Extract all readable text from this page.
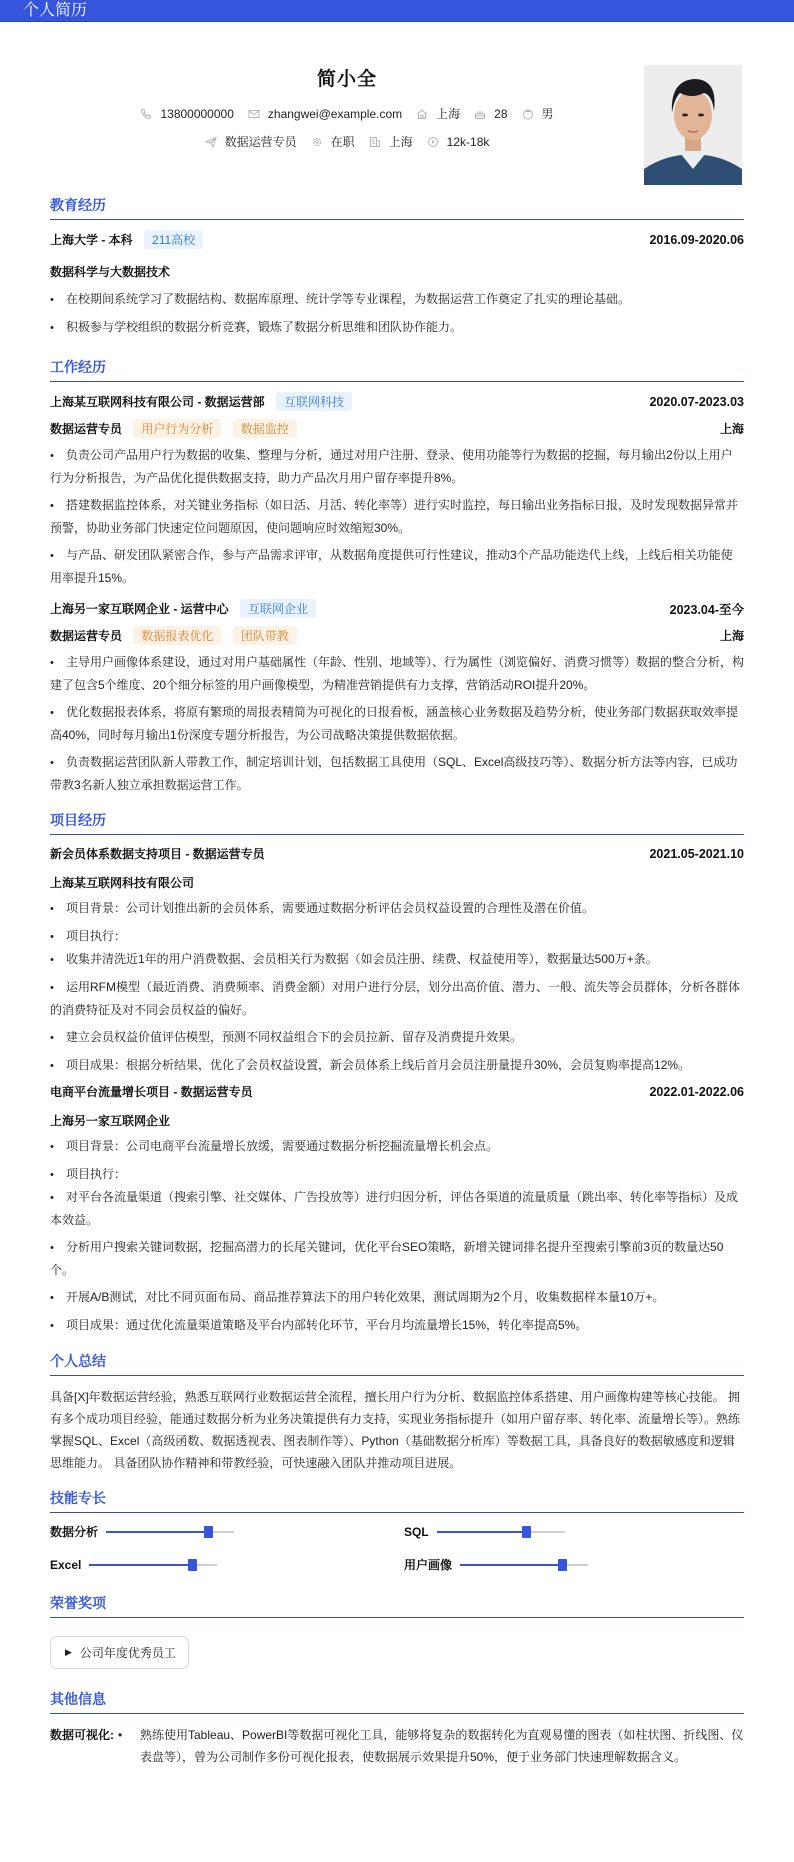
个人简历
简小全
13800000000	zhangwei@example.com	上海	28	男
数据运营专员	在职	上海	12k-18k
教育经历
上海大学 - 本科 211高校	2016.09-2020.06
数据科学与大数据技术
• 在校期间系统学习了数据结构、数据库原理、统计学等专业课程，为数据运营工作奠定了扎实的理论基础。
• 积极参与学校组织的数据分析竞赛，锻炼了数据分析思维和团队协作能力。
工作经历
上海某互联网科技有限公司 - 数据运营部 互联网科技	2020.07-2023.03
数据运营专员 用户行为分析 数据监控	上海
• 负责公司产品用户行为数据的收集、整理与分析，通过对用户注册、登录、使用功能等行为数据的挖掘，每月输出2份以上用户行为分析报告，为产品优化提供数据支持，助力产品次月用户留存率提升8%。
• 搭建数据监控体系，对关键业务指标（如日活、月活、转化率等）进行实时监控，每日输出业务指标日报，及时发现数据异常并预警，协助业务部门快速定位问题原因，使问题响应时效缩短30%。
• 与产品、研发团队紧密合作，参与产品需求评审，从数据角度提供可行性建议，推动3个产品功能迭代上线，上线后相关功能使用率提升15%。
上海另一家互联网企业 - 运营中心 互联网企业	2023.04-至今
数据运营专员 数据报表优化 团队带教	上海
• 主导用户画像体系建设，通过对用户基础属性（年龄、性别、地域等）、行为属性（浏览偏好、消费习惯等）数据的整合分析，构建了包含5个维度、20个细分标签的用户画像模型，为精准营销提供有力支撑，营销活动ROI提升20%。
• 优化数据报表体系，将原有繁琐的周报表精简为可视化的日报看板，涵盖核心业务数据及趋势分析，使业务部门数据获取效率提高40%，同时每月输出1份深度专题分析报告，为公司战略决策提供数据依据。
• 负责数据运营团队新人带教工作，制定培训计划，包括数据工具使用（SQL、Excel高级技巧等）、数据分析方法等内容，已成功带教3名新人独立承担数据运营工作。
项目经历
新会员体系数据支持项目 - 数据运营专员	2021.05-2021.10
上海某互联网科技有限公司
• 项目背景：公司计划推出新的会员体系，需要通过数据分析评估会员权益设置的合理性及潜在价值。
• 项目执行：
• 收集并清洗近1年的用户消费数据、会员相关行为数据（如会员注册、续费、权益使用等），数据量达500万+条。
• 运用RFM模型（最近消费、消费频率、消费金额）对用户进行分层，划分出高价值、潜力、一般、流失等会员群体，分析各群体的消费特征及对不同会员权益的偏好。
• 建立会员权益价值评估模型，预测不同权益组合下的会员拉新、留存及消费提升效果。
• 项目成果：根据分析结果，优化了会员权益设置，新会员体系上线后首月会员注册量提升30%，会员复购率提高12%。
电商平台流量增长项目 - 数据运营专员	2022.01-2022.06
上海另一家互联网企业
• 项目背景：公司电商平台流量增长放缓，需要通过数据分析挖掘流量增长机会点。
• 项目执行：
• 对平台各流量渠道（搜索引擎、社交媒体、广告投放等）进行归因分析，评估各渠道的流量质量（跳出率、转化率等指标）及成本效益。
• 分析用户搜索关键词数据，挖掘高潜力的长尾关键词，优化平台SEO策略，新增关键词排名提升至搜索引擎前3页的数量达50个。
• 开展A/B测试，对比不同页面布局、商品推荐算法下的用户转化效果，测试周期为2个月，收集数据样本量10万+。
• 项目成果：通过优化流量渠道策略及平台内部转化环节，平台月均流量增长15%，转化率提高5%。
个人总结
具备[X]年数据运营经验，熟悉互联网行业数据运营全流程，擅长用户行为分析、数据监控体系搭建、用户画像构建等核心技能。 拥有多个成功项目经验，能通过数据分析为业务决策提供有力支持，实现业务指标提升（如用户留存率、转化率、流量增长等）。熟练掌握SQL、Excel（高级函数、数据透视表、图表制作等）、Python（基础数据分析库）等数据工具，具备良好的数据敏感度和逻辑思维能力。 具备团队协作精神和带教经验，可快速融入团队并推动项目进展。
技能专长
数据分析	SQL
Excel	用户画像
荣誉奖项
▶ 公司年度优秀员工
其他信息
数据可视化: •	熟练使用Tableau、PowerBI等数据可视化工具，能够将复杂的数据转化为直观易懂的图表（如柱状图、折线图、仪表盘等），曾为公司制作多份可视化报表，使数据展示效果提升50%，便于业务部门快速理解数据含义。
